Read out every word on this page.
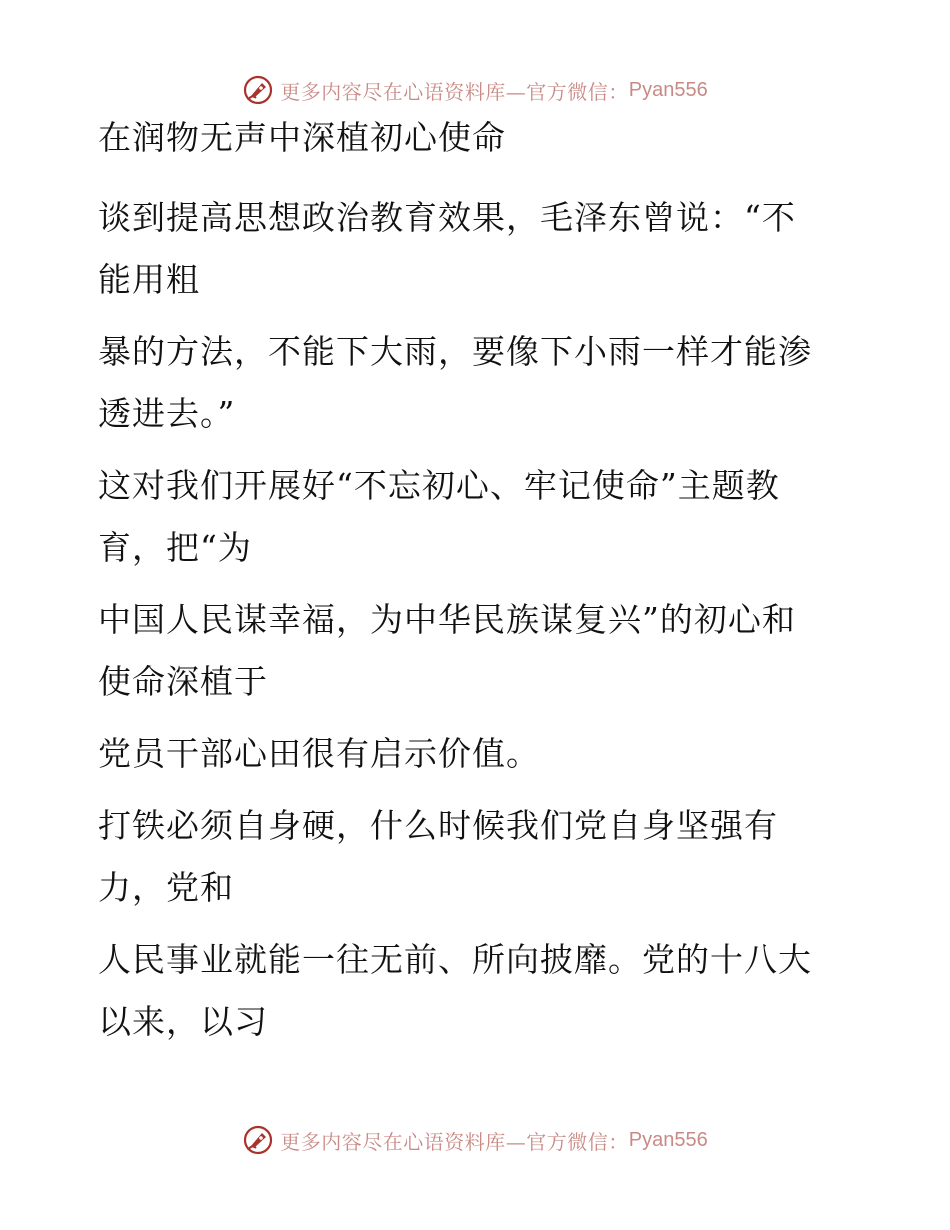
更多内容尽在心语资料库—官方微信： Pyan556
在润物无声中深植初心使命
谈到提高思想政治教育效果，毛泽东曾说：“不
能用粗
暴的方法，不能下大雨，要像下小雨一样才能渗
透进去。”
这对我们开展好“不忘初心、牢记使命”主题教
育，把“为
中国人民谋幸福，为中华民族谋复兴”的初心和
使命深植于
党员干部心田很有启示价值。
打铁必须自身硬，什么时候我们党自身坚强有
力，党和
人民事业就能一往无前、所向披靡。党的十八大
以来，以习
更多内容尽在心语资料库—官方微信： Pyan556
